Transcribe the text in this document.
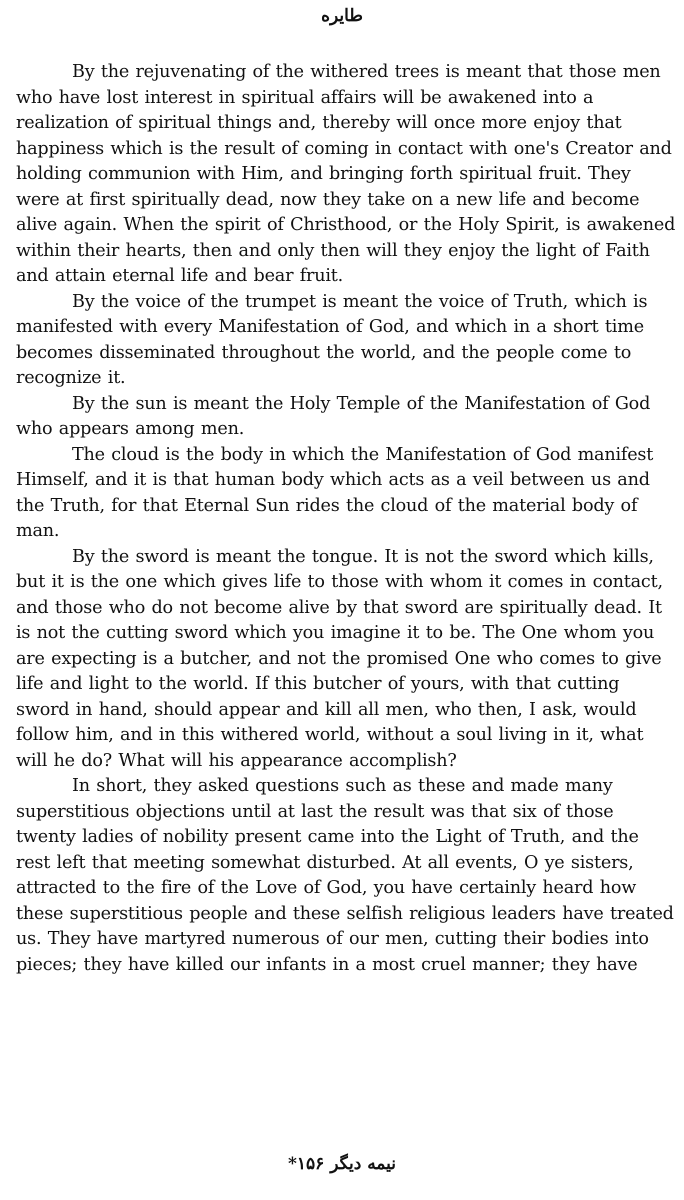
طايره

By the rejuvenating of the withered trees is meant that those men who have lost interest in spiritual affairs will be awakened into a realization of spiritual things and, thereby will once more enjoy that happiness which is the result of coming in contact with one's Creator and holding communion with Him, and bringing forth spiritual fruit. They were at first spiritually dead, now they take on a new life and become alive again. When the spirit of Christhood, or the Holy Spirit, is awakened within their hearts, then and only then will they enjoy the light of Faith and attain eternal life and bear fruit.

By the voice of the trumpet is meant the voice of Truth, which is manifested with every Manifestation of God, and which in a short time becomes disseminated throughout the world, and the people come to recognize it.

By the sun is meant the Holy Temple of the Manifestation of God who appears among men.

The cloud is the body in which the Manifestation of God manifest Himself, and it is that human body which acts as a veil between us and the Truth, for that Eternal Sun rides the cloud of the material body of man.

By the sword is meant the tongue. It is not the sword which kills, but it is the one which gives life to those with whom it comes in contact, and those who do not become alive by that sword are spiritually dead. It is not the cutting sword which you imagine it to be. The One whom you are expecting is a butcher, and not the promised One who comes to give life and light to the world. If this butcher of yours, with that cutting sword in hand, should appear and kill all men, who then, I ask, would follow him, and in this withered world, without a soul living in it, what will he do? What will his appearance accomplish?

In short, they asked questions such as these and made many superstitious objections until at last the result was that six of those twenty ladies of nobility present came into the Light of Truth, and the rest left that meeting somewhat disturbed. At all events, O ye sisters, attracted to the fire of the Love of God, you have certainly heard how these superstitious people and these selfish religious leaders have treated us. They have martyred numerous of our men, cutting their bodies into pieces; they have killed our infants in a most cruel manner; they have

نیمه دیگر ۱۵۶*
